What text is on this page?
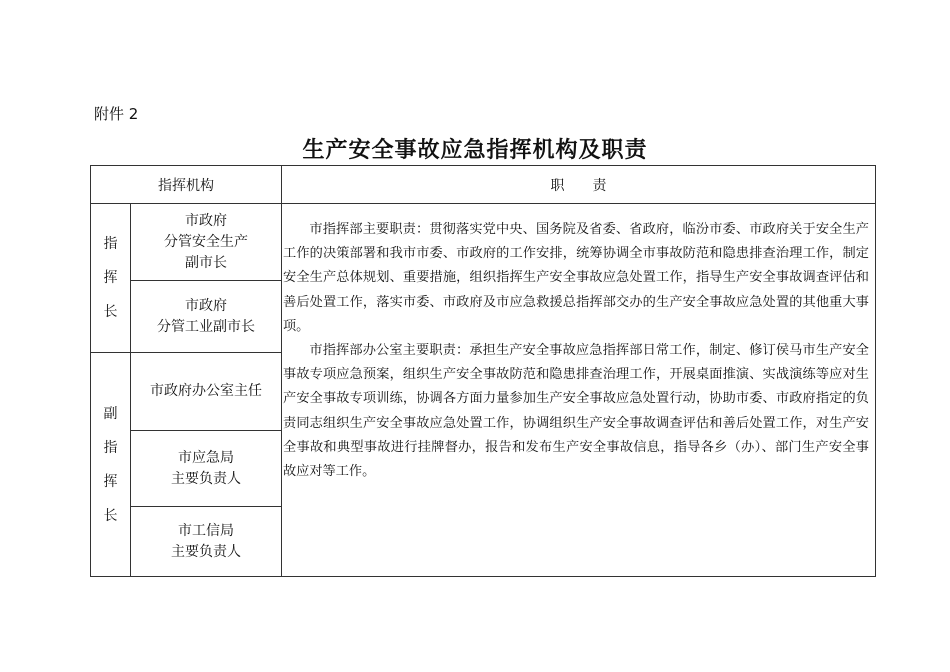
附件 2
生产安全事故应急指挥机构及职责
指挥机构	职　　责
指
挥
长
副
指
挥
长
市政府
分管安全生产
副市长
市政府
分管工业副市长
市政府办公室主任
市应急局
主要负责人
市工信局
主要负责人

市指挥部主要职责：贯彻落实党中央、国务院及省委、省政府，临汾市委、市政府关于安全生产工作的决策部署和我市市委、市政府的工作安排，统筹协调全市事故防范和隐患排查治理工作，制定安全生产总体规划、重要措施，组织指挥生产安全事故应急处置工作，指导生产安全事故调查评估和善后处置工作，落实市委、市政府及市应急救援总指挥部交办的生产安全事故应急处置的其他重大事项。

市指挥部办公室主要职责：承担生产安全事故应急指挥部日常工作，制定、修订侯马市生产安全事故专项应急预案，组织生产安全事故防范和隐患排查治理工作，开展桌面推演、实战演练等应对生产安全事故专项训练，协调各方面力量参加生产安全事故应急处置行动，协助市委、市政府指定的负责同志组织生产安全事故应急处置工作，协调组织生产安全事故调查评估和善后处置工作，对生产安全事故和典型事故进行挂牌督办，报告和发布生产安全事故信息，指导各乡（办）、部门生产安全事故应对等工作。
